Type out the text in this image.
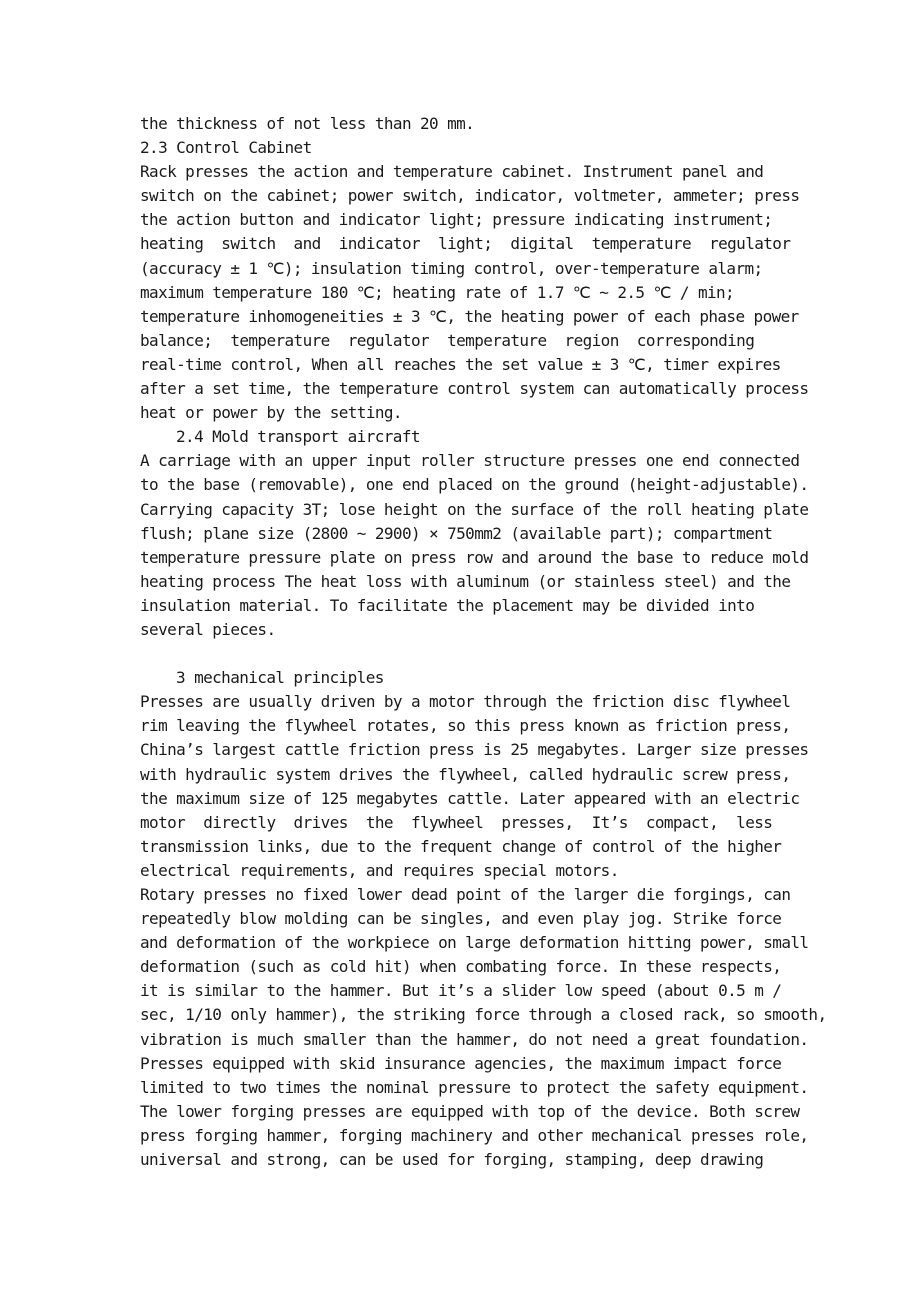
the thickness of not less than 20 mm.
2.3 Control Cabinet
Rack presses the action and temperature cabinet. Instrument panel and
switch on the cabinet; power switch, indicator, voltmeter, ammeter; press
the action button and indicator light; pressure indicating instrument;
heating  switch  and  indicator  light;  digital  temperature  regulator
(accuracy ± 1 ℃); insulation timing control, over-temperature alarm;
maximum temperature 180 ℃; heating rate of 1.7 ℃ ~ 2.5 ℃ / min;
temperature inhomogeneities ± 3 ℃, the heating power of each phase power
balance;  temperature  regulator  temperature  region  corresponding
real-time control, When all reaches the set value ± 3 ℃, timer expires
after a set time, the temperature control system can automatically process
heat or power by the setting.
2.4 Mold transport aircraft
A carriage with an upper input roller structure presses one end connected
to the base (removable), one end placed on the ground (height-adjustable).
Carrying capacity 3T; lose height on the surface of the roll heating plate
flush; plane size (2800 ~ 2900) × 750mm2 (available part); compartment
temperature pressure plate on press row and around the base to reduce mold
heating process The heat loss with aluminum (or stainless steel) and the
insulation material. To facilitate the placement may be divided into
several pieces.
3 mechanical principles
Presses are usually driven by a motor through the friction disc flywheel
rim leaving the flywheel rotates, so this press known as friction press,
China’s largest cattle friction press is 25 megabytes. Larger size presses
with hydraulic system drives the flywheel, called hydraulic screw press,
the maximum size of 125 megabytes cattle. Later appeared with an electric
motor  directly  drives  the  flywheel  presses,  It’s  compact,  less
transmission links, due to the frequent change of control of the higher
electrical requirements, and requires special motors.
Rotary presses no fixed lower dead point of the larger die forgings, can
repeatedly blow molding can be singles, and even play jog. Strike force
and deformation of the workpiece on large deformation hitting power, small
deformation (such as cold hit) when combating force. In these respects,
it is similar to the hammer. But it’s a slider low speed (about 0.5 m /
sec, 1/10 only hammer), the striking force through a closed rack, so smooth,
vibration is much smaller than the hammer, do not need a great foundation.
Presses equipped with skid insurance agencies, the maximum impact force
limited to two times the nominal pressure to protect the safety equipment.
The lower forging presses are equipped with top of the device. Both screw
press forging hammer, forging machinery and other mechanical presses role,
universal and strong, can be used for forging, stamping, deep drawing
